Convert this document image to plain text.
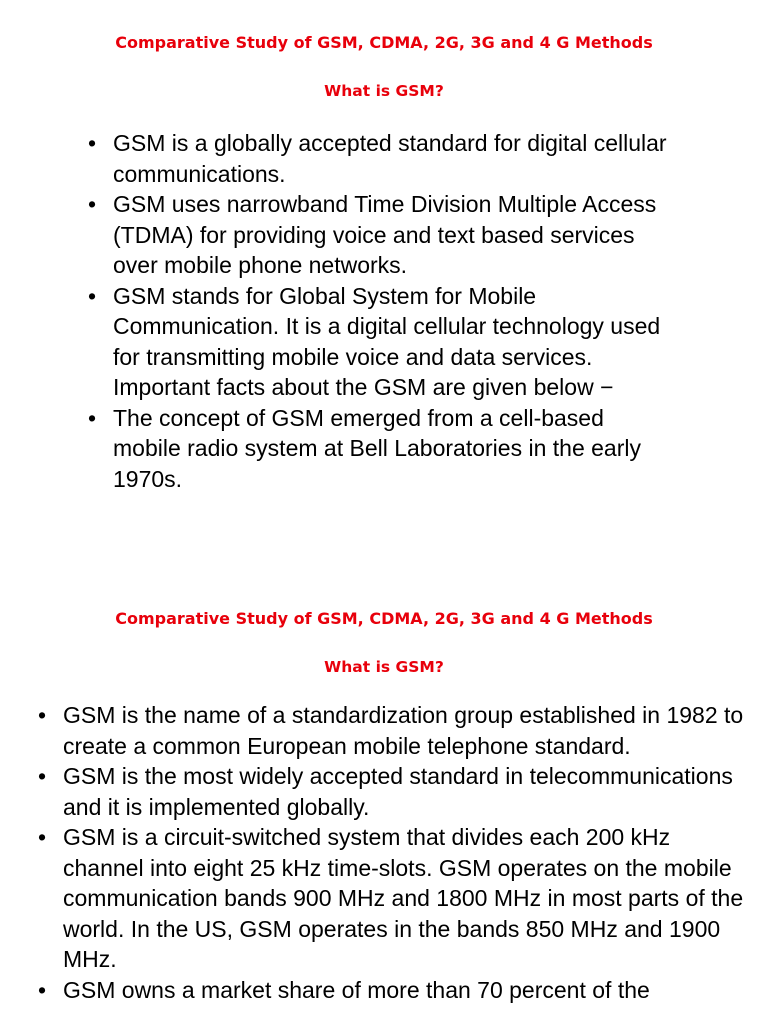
Comparative Study of GSM, CDMA, 2G, 3G and 4 G Methods
What is GSM?
• GSM is a globally accepted standard for digital cellular communications.
• GSM uses narrowband Time Division Multiple Access (TDMA) for providing voice and text based services over mobile phone networks.
• GSM stands for Global System for Mobile Communication. It is a digital cellular technology used for transmitting mobile voice and data services. Important facts about the GSM are given below −
• The concept of GSM emerged from a cell-based mobile radio system at Bell Laboratories in the early 1970s.
Comparative Study of GSM, CDMA, 2G, 3G and 4 G Methods
What is GSM?
• GSM is the name of a standardization group established in 1982 to create a common European mobile telephone standard.
• GSM is the most widely accepted standard in telecommunications and it is implemented globally.
• GSM is a circuit-switched system that divides each 200 kHz channel into eight 25 kHz time-slots. GSM operates on the mobile communication bands 900 MHz and 1800 MHz in most parts of the world. In the US, GSM operates in the bands 850 MHz and 1900 MHz.
• GSM owns a market share of more than 70 percent of the
